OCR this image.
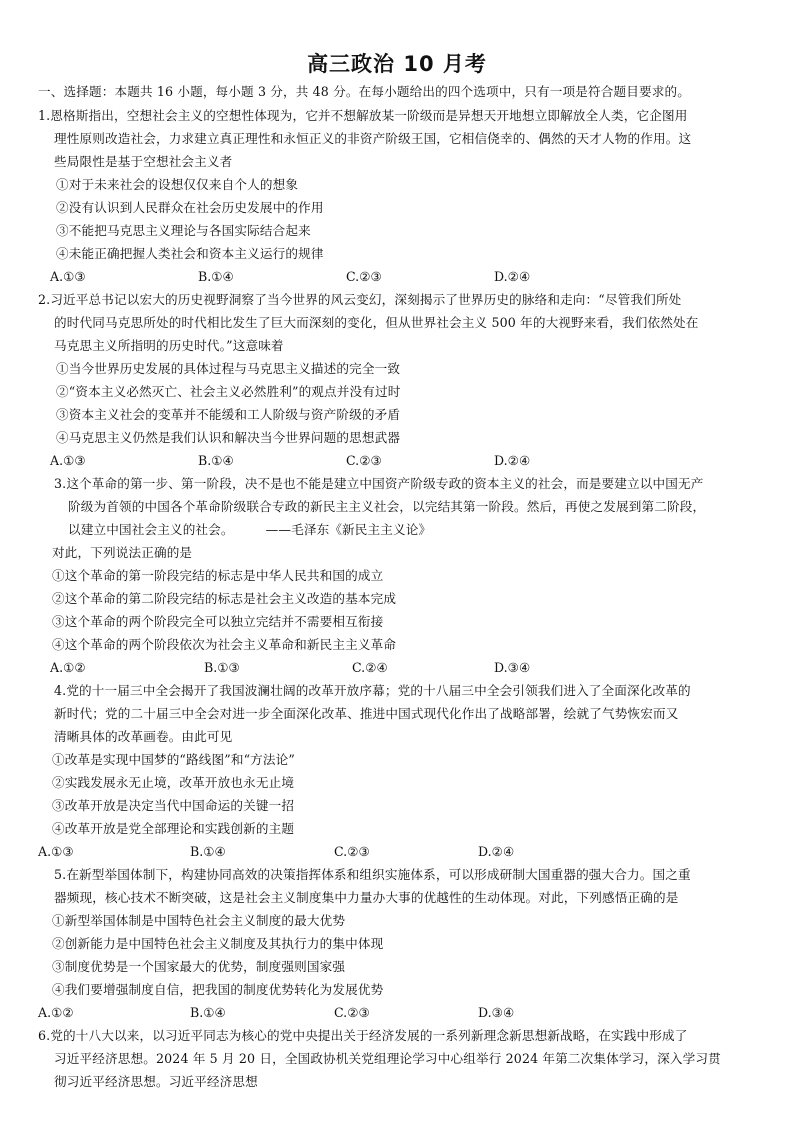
高三政治 10 月考
一、选择题：本题共 16 小题，每小题 3 分，共 48 分。在每小题给出的四个选项中，只有一项是符合题目要求的。
1.恩格斯指出，空想社会主义的空想性体现为，它并不想解放某一阶级而是异想天开地想立即解放全人类，它企图用
理性原则改造社会，力求建立真正理性和永恒正义的非资产阶级王国，它相信侥幸的、偶然的天才人物的作用。这
些局限性是基于空想社会主义者
①对于未来社会的设想仅仅来自个人的想象
②没有认识到人民群众在社会历史发展中的作用
③不能把马克思主义理论与各国实际结合起来
④未能正确把握人类社会和资本主义运行的规律
A.①③	B.①④	C.②③	D.②④
2.习近平总书记以宏大的历史视野洞察了当今世界的风云变幻，深刻揭示了世界历史的脉络和走向：“尽管我们所处
的时代同马克思所处的时代相比发生了巨大而深刻的变化，但从世界社会主义 500 年的大视野来看，我们依然处在
马克思主义所指明的历史时代。”这意味着
①当今世界历史发展的具体过程与马克思主义描述的完全一致
②“资本主义必然灭亡、社会主义必然胜利”的观点并没有过时
③资本主义社会的变革并不能缓和工人阶级与资产阶级的矛盾
④马克思主义仍然是我们认识和解决当今世界问题的思想武器
A.①③	B.①④	C.②③	D.②④
3.这个革命的第一步、第一阶段，决不是也不能是建立中国资产阶级专政的资本主义的社会，而是要建立以中国无产
阶级为首领的中国各个革命阶级联合专政的新民主主义社会，以完结其第一阶段。然后，再使之发展到第二阶段，
以建立中国社会主义的社会。　　　——毛泽东《新民主主义论》
对此，下列说法正确的是
①这个革命的第一阶段完结的标志是中华人民共和国的成立
②这个革命的第二阶段完结的标志是社会主义改造的基本完成
③这个革命的两个阶段完全可以独立完结并不需要相互衔接
④这个革命的两个阶段依次为社会主义革命和新民主主义革命
A.①②	B.①③	C.②④	D.③④
4.党的十一届三中全会揭开了我国波澜壮阔的改革开放序幕；党的十八届三中全会引领我们进入了全面深化改革的
新时代；党的二十届三中全会对进一步全面深化改革、推进中国式现代化作出了战略部署，绘就了气势恢宏而又
清晰具体的改革画卷。由此可见
①改革是实现中国梦的“路线图”和“方法论”
②实践发展永无止境，改革开放也永无止境
③改革开放是决定当代中国命运的关键一招
④改革开放是党全部理论和实践创新的主题
A.①③	B.①④	C.②③	D.②④
5.在新型举国体制下，构建协同高效的决策指挥体系和组织实施体系，可以形成研制大国重器的强大合力。国之重
器频现，核心技术不断突破，这是社会主义制度集中力量办大事的优越性的生动体现。对此，下列感悟正确的是
①新型举国体制是中国特色社会主义制度的最大优势
②创新能力是中国特色社会主义制度及其执行力的集中体现
③制度优势是一个国家最大的优势，制度强则国家强
④我们要增强制度自信，把我国的制度优势转化为发展优势
A.①②	B.①④	C.②③	D.③④
6.党的十八大以来，以习近平同志为核心的党中央提出关于经济发展的一系列新理念新思想新战略，在实践中形成了
习近平经济思想。2024 年 5 月 20 日，全国政协机关党组理论学习中心组举行 2024 年第二次集体学习，深入学习贯
彻习近平经济思想。习近平经济思想
